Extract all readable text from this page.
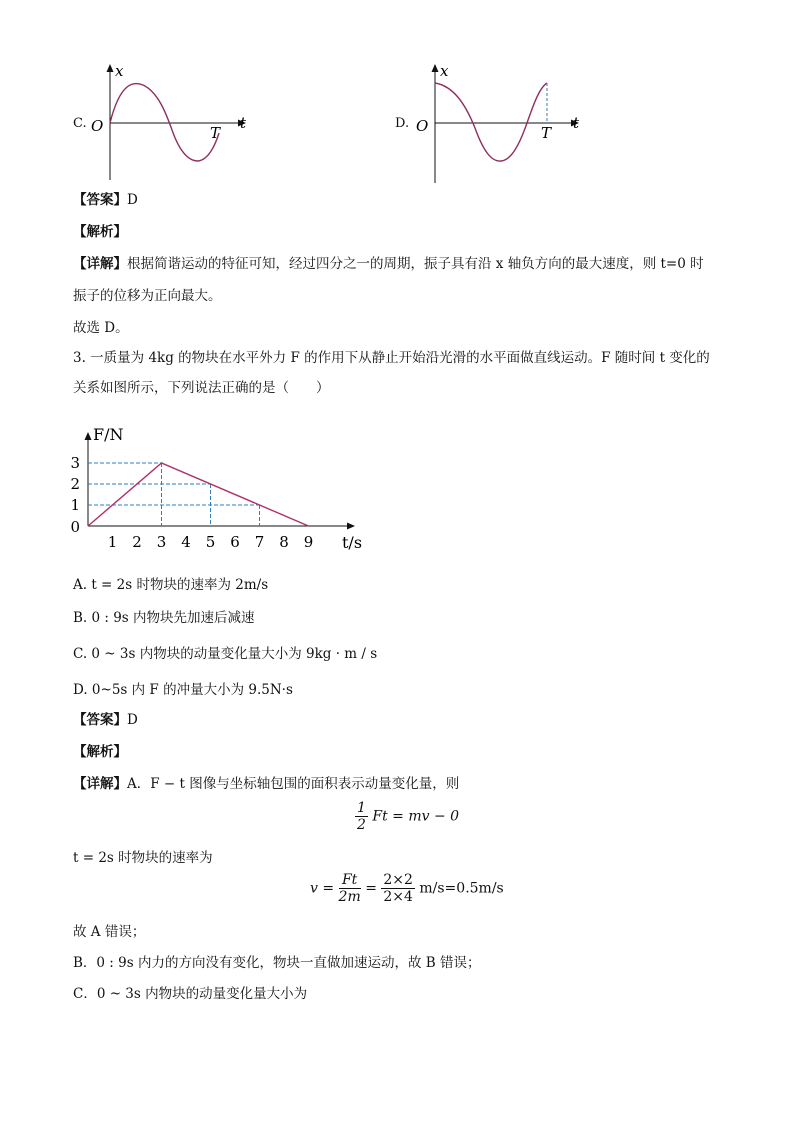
C.
x
t
O	T
D.
x
t
O	T
【答案】D
【解析】
【详解】根据简谐运动的特征可知，经过四分之一的周期，振子具有沿 x 轴负方向的最大速度，则 t=0 时
振子的位移为正向最大。
故选 D。
3. 一质量为 4kg 的物块在水平外力 F 的作用下从静止开始沿光滑的水平面做直线运动。F 随时间 t 变化的
关系如图所示，下列说法正确的是（　　）
1 2 3 4 5 6 7 8 9
1
2
3
0
F/N
t/s
A. t = 2s 时物块的速率为 2m/s
B. 0 : 9s 内物块先加速后减速
C. 0 ~ 3s 内物块的动量变化量大小为 9kg · m / s
D. 0~5s 内 F 的冲量大小为 9.5N·s
【答案】D
【解析】
【详解】A．F − t 图像与坐标轴包围的面积表示动量变化量，则
$\frac{1}{2}$ Ft = mv − 0
t = 2s 时物块的速率为
$v = \frac{Ft}{2m} = \frac{2\times 2}{2\times 4} m/s=0.5m/s$
故 A 错误；
B．0 : 9s 内力的方向没有变化，物块一直做加速运动，故 B 错误；
C．0 ~ 3s 内物块的动量变化量大小为
